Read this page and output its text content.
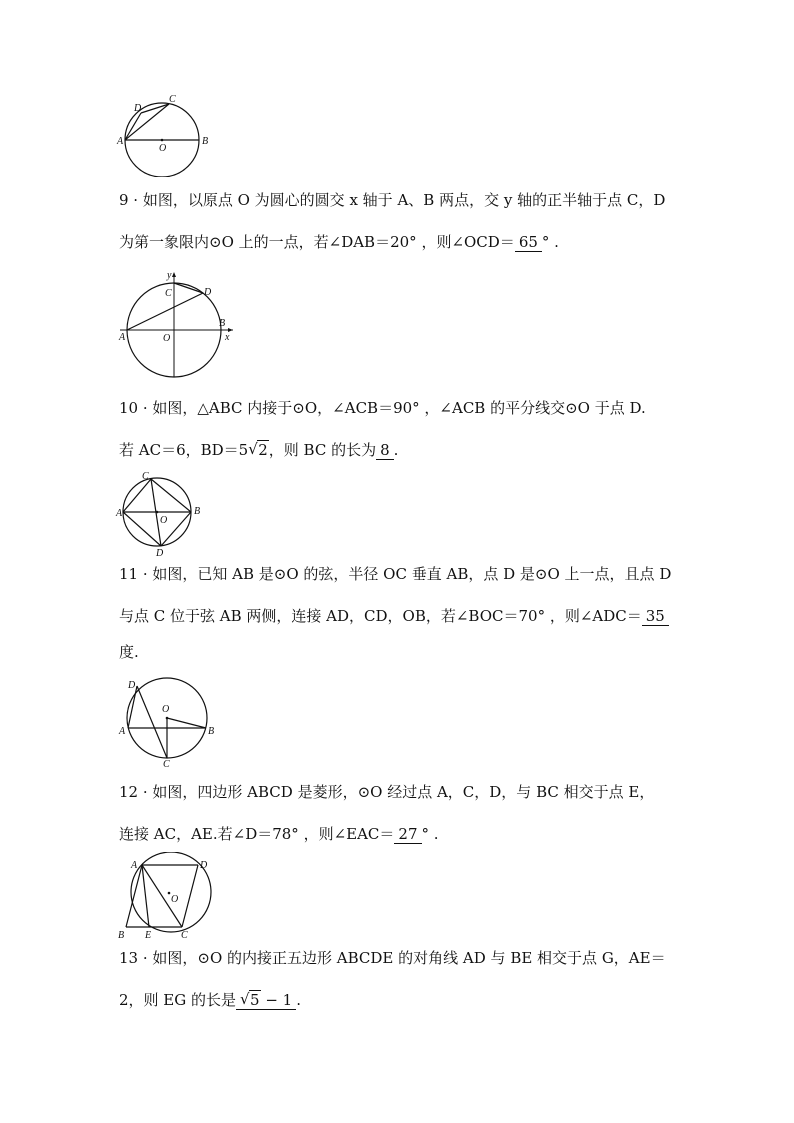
A	B
C
D
O
9 · 如图，以原点 O 为圆心的圆交 x 轴于 A、B 两点，交 y 轴的正半轴于点 C，D
为第一象限内⊙O 上的一点，若∠DAB＝20° ，则∠OCD＝ 65 ° .
A
B
C	D
O	x
y
10 · 如图，△ABC 内接于⊙O，∠ACB＝90° ，∠ACB 的平分线交⊙O 于点 D.
若 AC＝6，BD＝5 √ 2，则 BC 的长为 8 .
A	B
C
D
O
11 · 如图，已知 AB 是⊙O 的弦，半径 OC 垂直 AB，点 D 是⊙O 上一点，且点 D
与点 C 位于弦 AB 两侧，连接 AD，CD，OB，若∠BOC＝70° ，则∠ADC＝ 35
度.
A	B
C
D
O
12 · 如图，四边形 ABCD 是菱形，⊙O 经过点 A，C，D，与 BC 相交于点 E，
连接 AC，AE.若∠D＝78° ，则∠EAC＝ 27 ° .
A
B	C
D
E
O
13 · 如图，⊙O 的内接正五边形 ABCDE 的对角线 AD 与 BE 相交于点 G，AE＝
2，则 EG 的长是 √ 5 − 1 .
